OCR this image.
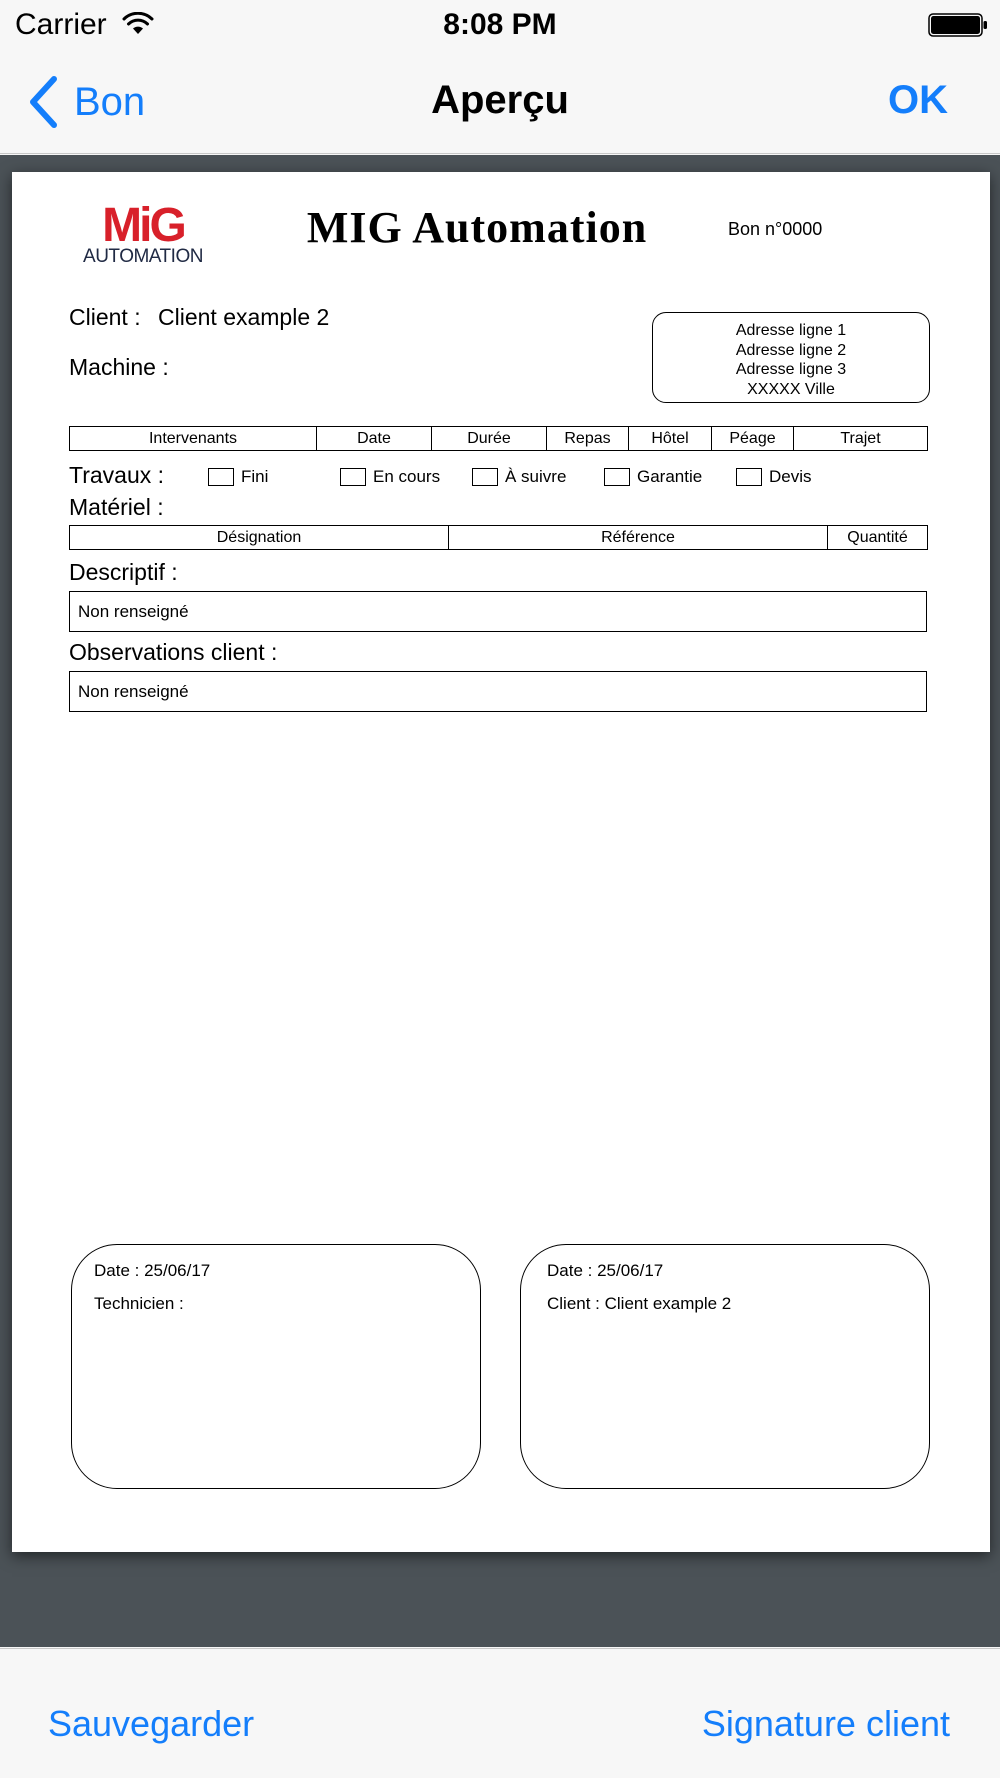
Carrier	8:08 PM
Bon	Aperçu	OK
MiG
AUTOMATION
MIG Automation	Bon n°0000
Client : Client example 2
Machine :
Adresse ligne 1
Adresse ligne 2
Adresse ligne 3
XXXXX Ville
Intervenants	Date	Durée	Repas	Hôtel	Péage	Trajet
Travaux :	Fini	En cours	À suivre	Garantie	Devis
Matériel :
Désignation	Référence	Quantité
Descriptif :
Non renseigné
Observations client :
Non renseigné
Date : 25/06/17
Technicien :
Date : 25/06/17
Client : Client example 2
Sauvegarder	Signature client
